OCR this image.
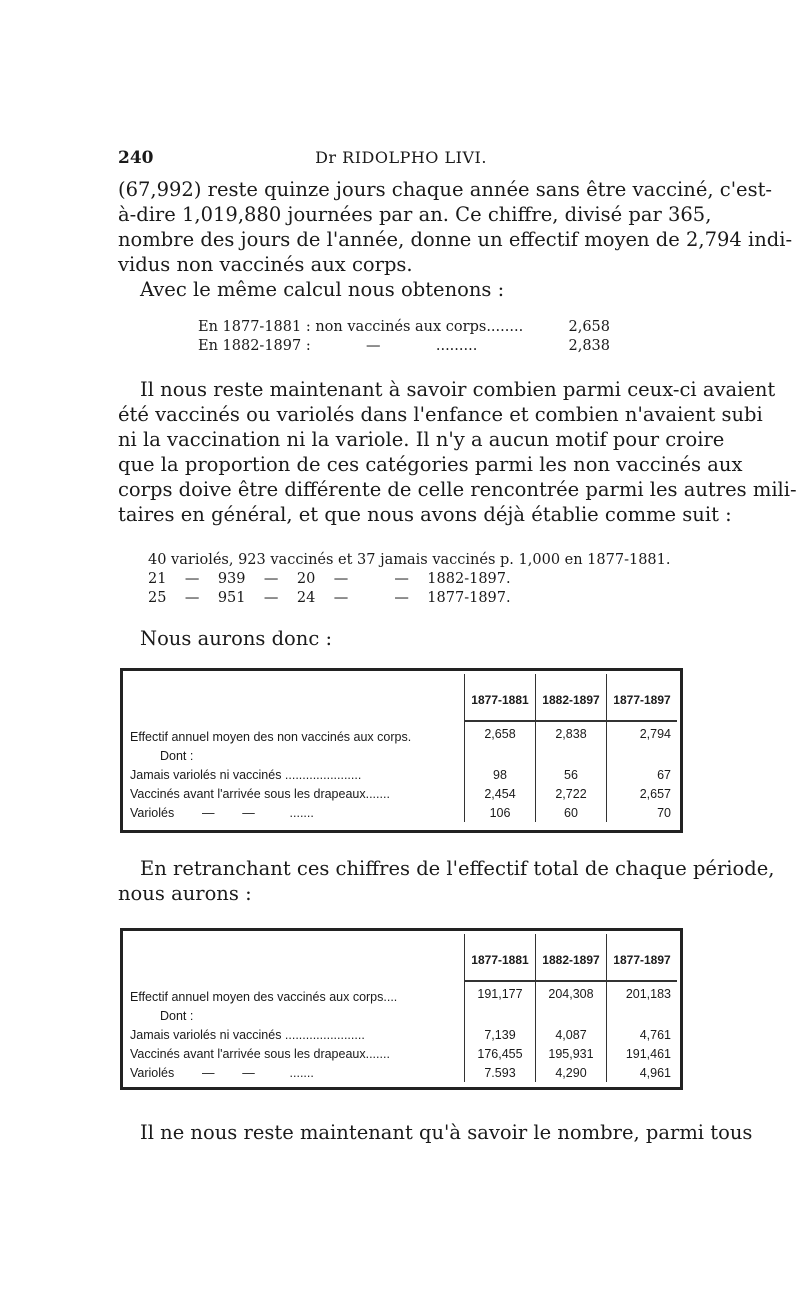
240	Dr RIDOLPHO LIVI.
(67,992) reste quinze jours chaque année sans être vacciné, c'est-
à-dire 1,019,880 journées par an. Ce chiffre, divisé par 365,
nombre des jours de l'année, donne un effectif moyen de 2,794 indi-
vidus non vaccinés aux corps.
Avec le même calcul nous obtenons :
En 1877-1881 : non vaccinés aux corps........	2,658
En 1882-1897 :            —            .........	2,838
Il nous reste maintenant à savoir combien parmi ceux-ci avaient
été vaccinés ou variolés dans l'enfance et combien n'avaient subi
ni la vaccination ni la variole. Il n'y a aucun motif pour croire
que la proportion de ces catégories parmi les non vaccinés aux
corps doive être différente de celle rencontrée parmi les autres mili-
taires en général, et que nous avons déjà établie comme suit :
40 variolés, 923 vaccinés et 37 jamais vaccinés p. 1,000 en 1877-1881.
21    —    939    —    20    —          —    1882-1897.
25    —    951    —    24    —          —    1877-1897.
Nous aurons donc :
	1877-1881	1882-1897	1877-1897
Effectif annuel moyen des non vaccinés aux corps.	2,658	2,838	2,794
Dont :			
Jamais variolés ni vaccinés ......................	98	56	67
Vaccinés avant l'arrivée sous les drapeaux.......	2,454	2,722	2,657
Variolés        —        —          .......	106	60	70
En retranchant ces chiffres de l'effectif total de chaque période,
nous aurons :
	1877-1881	1882-1897	1877-1897
Effectif annuel moyen des vaccinés aux corps....	191,177	204,308	201,183
Dont :			
Jamais variolés ni vaccinés .......................	7,139	4,087	4,761
Vaccinés avant l'arrivée sous les drapeaux.......	176,455	195,931	191,461
Variolés        —        —          .......	7.593	4,290	4,961
Il ne nous reste maintenant qu'à savoir le nombre, parmi tous
